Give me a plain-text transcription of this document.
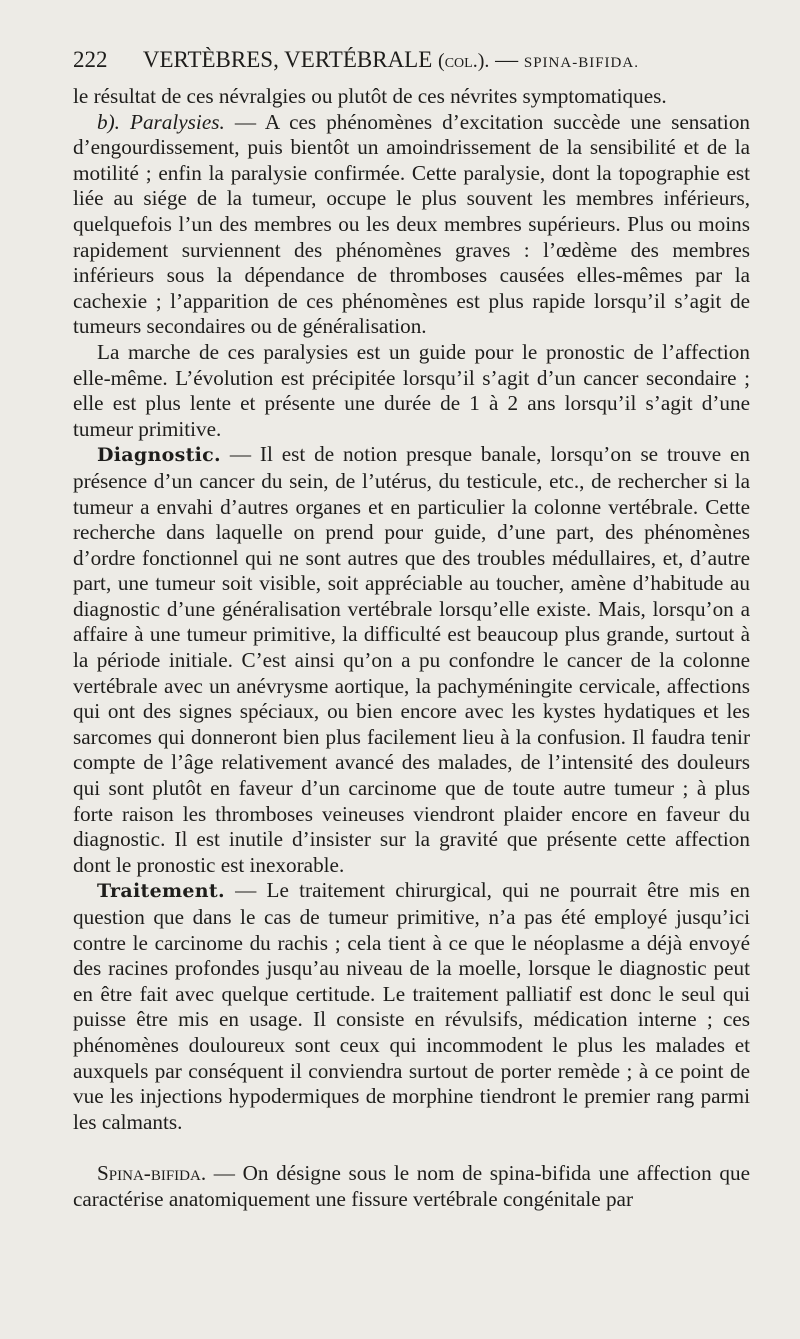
222 VERTÈBRES, VERTÉBRALE (col.). — SPINA-BIFIDA.

le résultat de ces névralgies ou plutôt de ces névrites symptomatiques.

b). Paralysies. — A ces phénomènes d’excitation succède une sensation d’engourdissement, puis bientôt un amoindrissement de la sensibilité et de la motilité ; enfin la paralysie confirmée. Cette paralysie, dont la topographie est liée au siége de la tumeur, occupe le plus souvent les membres inférieurs, quelquefois l’un des membres ou les deux membres supérieurs. Plus ou moins rapidement surviennent des phénomènes graves : l’œdème des membres inférieurs sous la dépendance de thromboses causées elles-mêmes par la cachexie ; l’apparition de ces phénomènes est plus rapide lorsqu’il s’agit de tumeurs secondaires ou de généralisation.

La marche de ces paralysies est un guide pour le pronostic de l’affection elle-même. L’évolution est précipitée lorsqu’il s’agit d’un cancer secondaire ; elle est plus lente et présente une durée de 1 à 2 ans lorsqu’il s’agit d’une tumeur primitive.

Diagnostic. — Il est de notion presque banale, lorsqu’on se trouve en présence d’un cancer du sein, de l’utérus, du testicule, etc., de rechercher si la tumeur a envahi d’autres organes et en particulier la colonne vertébrale. Cette recherche dans laquelle on prend pour guide, d’une part, des phénomènes d’ordre fonctionnel qui ne sont autres que des troubles médullaires, et, d’autre part, une tumeur soit visible, soit appréciable au toucher, amène d’habitude au diagnostic d’une généralisation vertébrale lorsqu’elle existe. Mais, lorsqu’on a affaire à une tumeur primitive, la difficulté est beaucoup plus grande, surtout à la période initiale. C’est ainsi qu’on a pu confondre le cancer de la colonne vertébrale avec un anévrysme aortique, la pachyméningite cervicale, affections qui ont des signes spéciaux, ou bien encore avec les kystes hydatiques et les sarcomes qui donneront bien plus facilement lieu à la confusion. Il faudra tenir compte de l’âge relativement avancé des malades, de l’intensité des douleurs qui sont plutôt en faveur d’un carcinome que de toute autre tumeur ; à plus forte raison les thromboses veineuses viendront plaider encore en faveur du diagnostic. Il est inutile d’insister sur la gravité que présente cette affection dont le pronostic est inexorable.

Traitement. — Le traitement chirurgical, qui ne pourrait être mis en question que dans le cas de tumeur primitive, n’a pas été employé jusqu’ici contre le carcinome du rachis ; cela tient à ce que le néoplasme a déjà envoyé des racines profondes jusqu’au niveau de la moelle, lorsque le diagnostic peut en être fait avec quelque certitude. Le traitement palliatif est donc le seul qui puisse être mis en usage. Il consiste en révulsifs, médication interne ; ces phénomènes douloureux sont ceux qui incommodent le plus les malades et auxquels par conséquent il conviendra surtout de porter remède ; à ce point de vue les injections hypodermiques de morphine tiendront le premier rang parmi les calmants.

Spina-bifida. — On désigne sous le nom de spina-bifida une affection que caractérise anatomiquement une fissure vertébrale congénitale par
